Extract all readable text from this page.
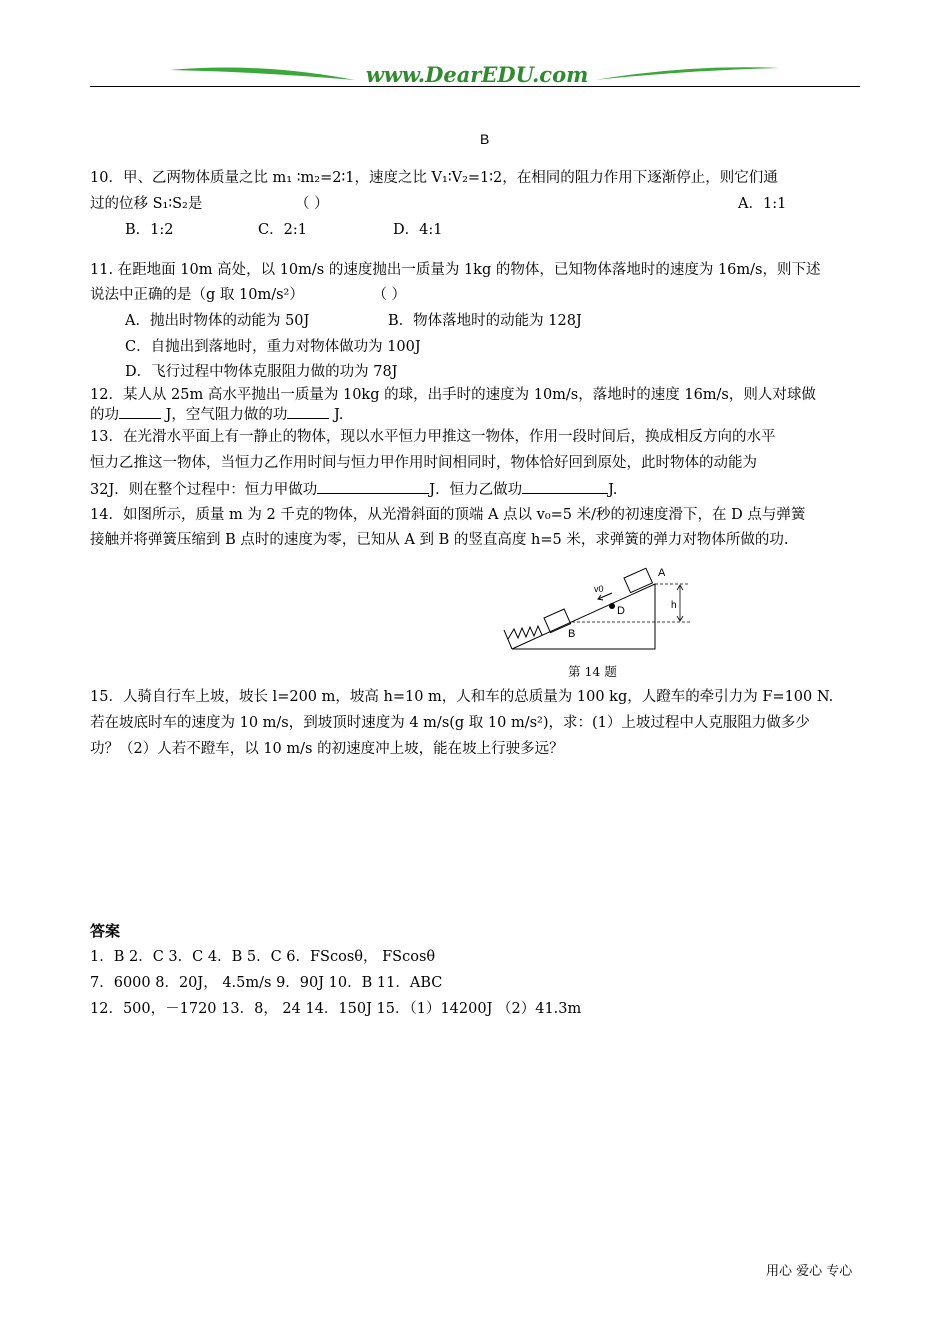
www.DearEDU.com
B
10．甲、乙两物体质量之比 m₁ ∶m₂=2∶1，速度之比 V₁∶V₂=1∶2，在相同的阻力作用下逐渐停止，则它们通
过的位移 S₁∶S₂是	（ ）	A．1:1
B．1:2	C．2:1	D．4:1
11. 在距地面 10m 高处，以 10m/s 的速度抛出一质量为 1kg 的物体，已知物体落地时的速度为 16m/s，则下述
说法中正确的是（g 取 10m/s²）	（ ）
A．抛出时物体的动能为 50J	B．物体落地时的动能为 128J
C．自抛出到落地时，重力对物体做功为 100J
D．飞行过程中物体克服阻力做的功为 78J
12．某人从 25m 高水平抛出一质量为 10kg 的球，出手时的速度为 10m/s，落地时的速度 16m/s，则人对球做
的功	J，空气阻力做的功	J.
13．在光滑水平面上有一静止的物体，现以水平恒力甲推这一物体，作用一段时间后，换成相反方向的水平
恒力乙推这一物体，当恒力乙作用时间与恒力甲作用时间相同时，物体恰好回到原处，此时物体的动能为
32J．则在整个过程中：恒力甲做功	J．恒力乙做功	J.
14．如图所示，质量 m 为 2 千克的物体，从光滑斜面的顶端 A 点以 v₀=5 米/秒的初速度滑下，在 D 点与弹簧
接触并将弹簧压缩到 B 点时的速度为零，已知从 A 到 B 的竖直高度 h=5 米，求弹簧的弹力对物体所做的功.
A
B
D	h
v0
第 14 题
15．人骑自行车上坡，坡长 l=200 m，坡高 h=10 m，人和车的总质量为 100 kg，人蹬车的牵引力为 F=100 N.
若在坡底时车的速度为 10 m/s，到坡顶时速度为 4 m/s(g 取 10 m/s²)，求：(1）上坡过程中人克服阻力做多少
功？（2）人若不蹬车，以 10 m/s 的初速度冲上坡，能在坡上行驶多远？
答案
1．B 2．C 3．C 4．B 5．C 6．FScosθ， FScosθ
7．6000 8．20J， 4.5m/s 9．90J 10．B 11．ABC
12．500，－1720 13．8， 24 14．150J 15．（1）14200J （2）41.3m
用心 爱心 专心
